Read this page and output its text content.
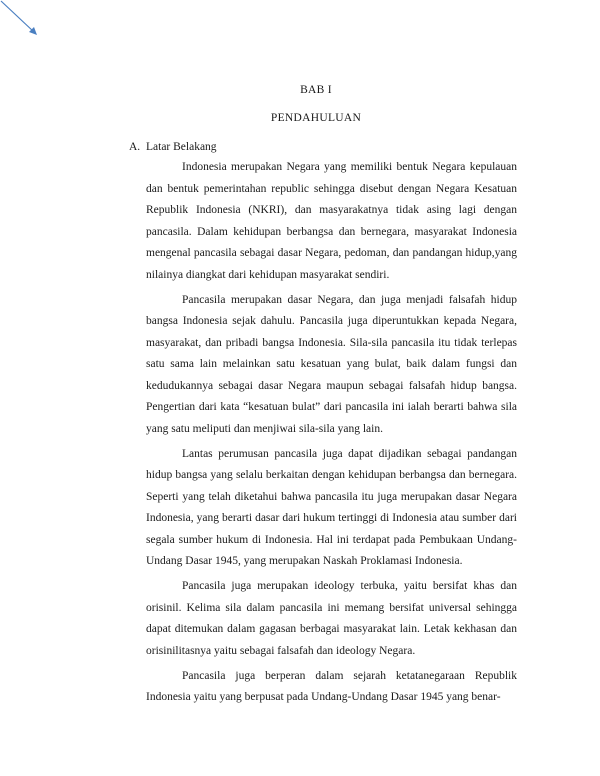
BAB I
PENDAHULUAN
A. Latar Belakang

Indonesia merupakan Negara yang memiliki bentuk Negara kepulauan dan bentuk pemerintahan republic sehingga disebut dengan Negara Kesatuan Republik Indonesia (NKRI), dan masyarakatnya tidak asing lagi dengan pancasila. Dalam kehidupan berbangsa dan bernegara, masyarakat Indonesia mengenal pancasila sebagai dasar Negara, pedoman, dan pandangan hidup,yang nilainya diangkat dari kehidupan masyarakat sendiri.

Pancasila merupakan dasar Negara, dan juga menjadi falsafah hidup bangsa Indonesia sejak dahulu. Pancasila juga diperuntukkan kepada Negara, masyarakat, dan pribadi bangsa Indonesia. Sila-sila pancasila itu tidak terlepas satu sama lain melainkan satu kesatuan yang bulat, baik dalam fungsi dan kedudukannya sebagai dasar Negara maupun sebagai falsafah hidup bangsa. Pengertian dari kata “kesatuan bulat” dari pancasila ini ialah berarti bahwa sila yang satu meliputi dan menjiwai sila-sila yang lain.

Lantas perumusan pancasila juga dapat dijadikan sebagai pandangan hidup bangsa yang selalu berkaitan dengan kehidupan berbangsa dan bernegara. Seperti yang telah diketahui bahwa pancasila itu juga merupakan dasar Negara Indonesia, yang berarti dasar dari hukum tertinggi di Indonesia atau sumber dari segala sumber hukum di Indonesia. Hal ini terdapat pada Pembukaan Undang-Undang Dasar 1945, yang merupakan Naskah Proklamasi Indonesia.

Pancasila juga merupakan ideology terbuka, yaitu bersifat khas dan orisinil. Kelima sila dalam pancasila ini memang bersifat universal sehingga dapat ditemukan dalam gagasan berbagai masyarakat lain. Letak kekhasan dan orisinilitasnya yaitu sebagai falsafah dan ideology Negara.

Pancasila juga berperan dalam sejarah ketatanegaraan Republik Indonesia yaitu yang berpusat pada Undang-Undang Dasar 1945 yang benar-
